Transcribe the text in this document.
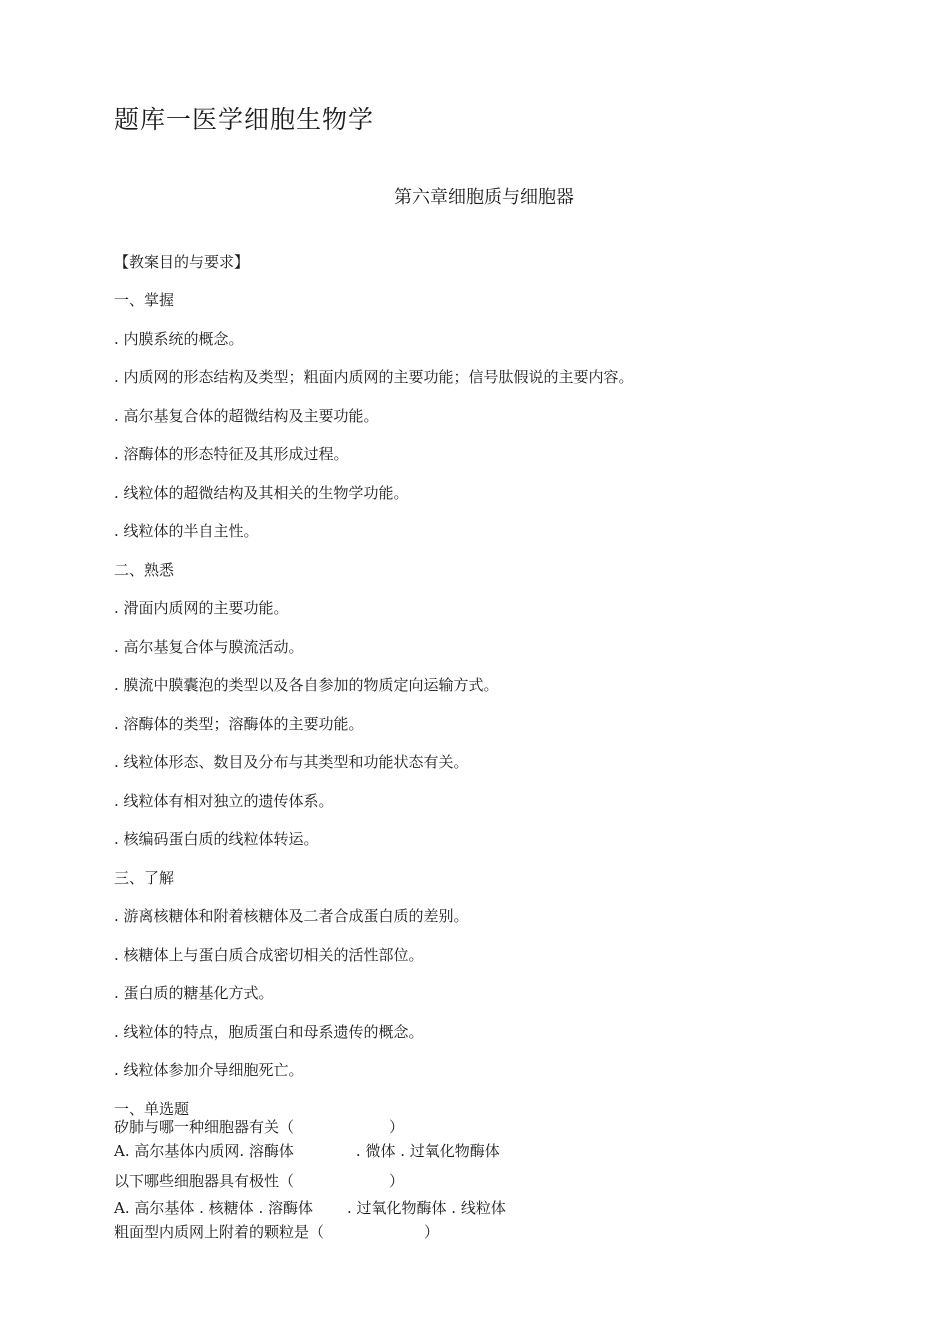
题库一医学细胞生物学
第六章细胞质与细胞器
【教案目的与要求】
一、掌握
. 内膜系统的概念。
. 内质网的形态结构及类型；粗面内质网的主要功能；信号肽假说的主要内容。
. 高尔基复合体的超微结构及主要功能。
. 溶酶体的形态特征及其形成过程。
. 线粒体的超微结构及其相关的生物学功能。
. 线粒体的半自主性。
二、熟悉
. 滑面内质网的主要功能。
. 高尔基复合体与膜流活动。
. 膜流中膜囊泡的类型以及各自参加的物质定向运输方式。
. 溶酶体的类型；溶酶体的主要功能。
. 线粒体形态、数目及分布与其类型和功能状态有关。
. 线粒体有相对独立的遗传体系。
. 核编码蛋白质的线粒体转运。
三、了解
. 游离核糖体和附着核糖体及二者合成蛋白质的差别。
. 核糖体上与蛋白质合成密切相关的活性部位。
. 蛋白质的糖基化方式。
. 线粒体的特点，胞质蛋白和母系遗传的概念。
. 线粒体参加介导细胞死亡。
一、单选题
矽肺与哪一种细胞器有关（	）
A. 高尔基体内质网. 溶酶体	. 微体 . 过氧化物酶体
以下哪些细胞器具有极性（	）
A. 高尔基体 . 核糖体 . 溶酶体 . 过氧化物酶体 . 线粒体
粗面型内质网上附着的颗粒是（	）
